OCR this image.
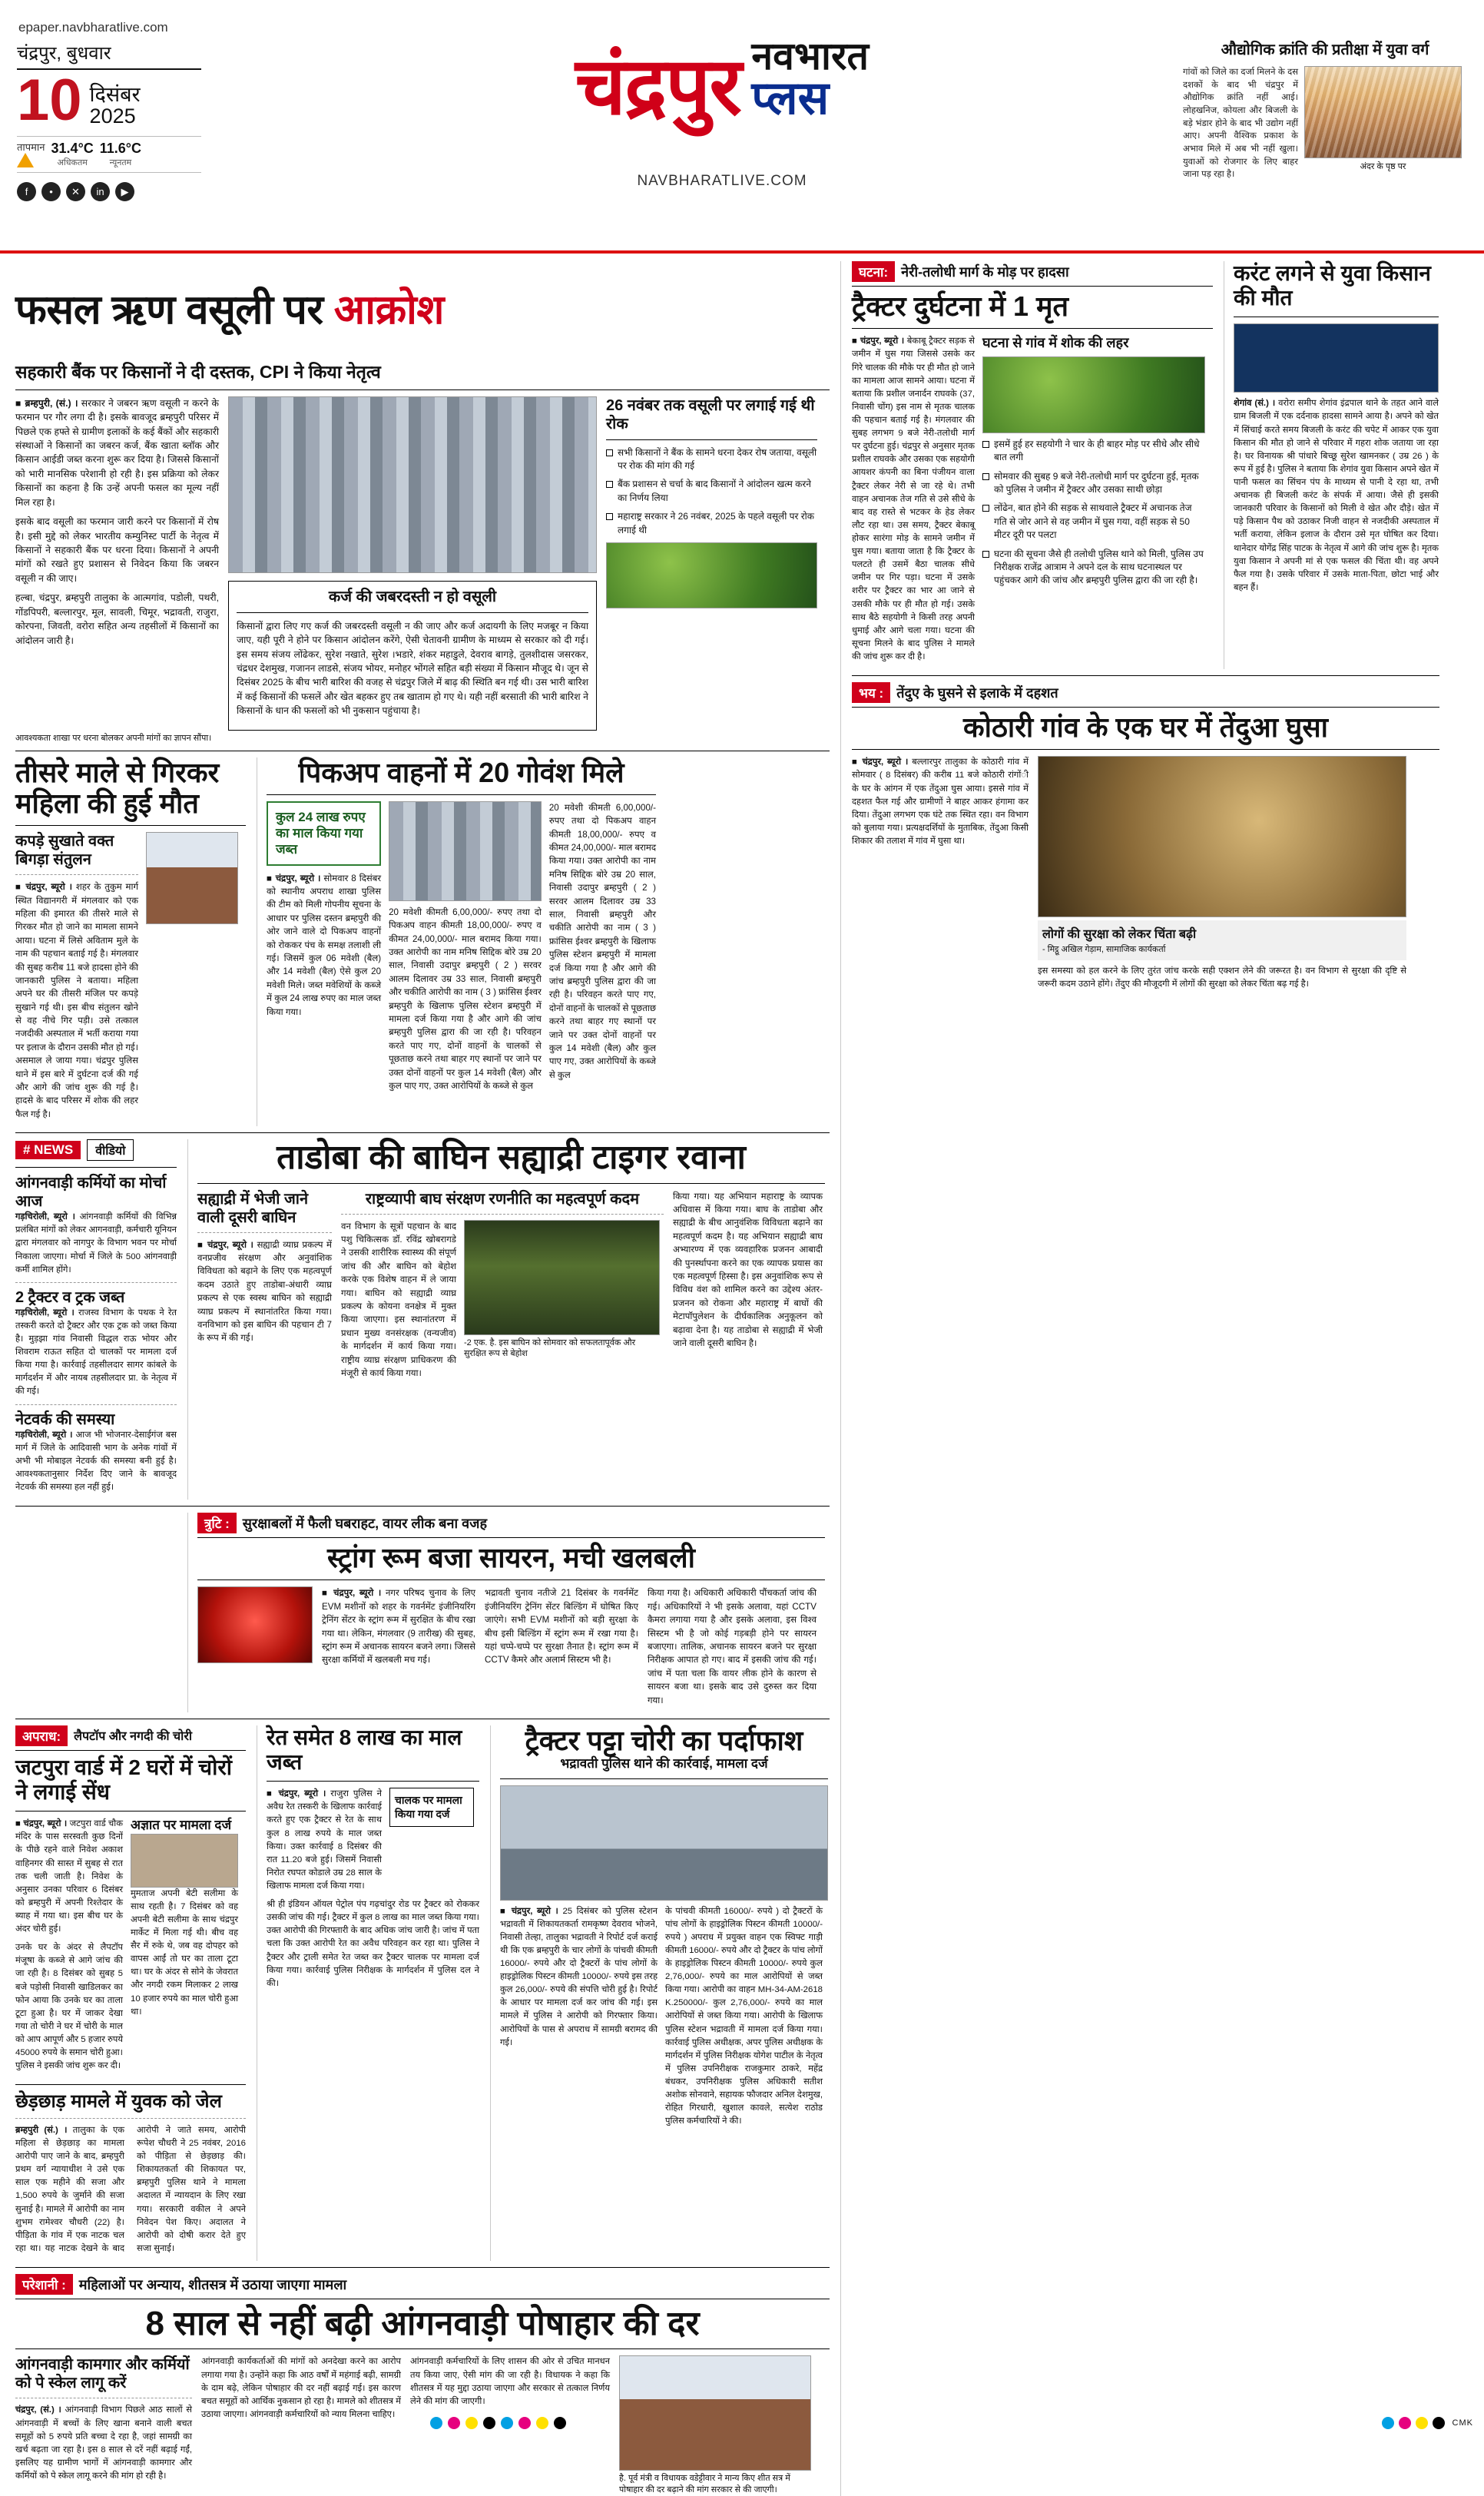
epaper.navbharatlive.com
चंद्रपुर, बुधवार
10 दिसंबर
2025
तापमान 31.4°C
अधिकतम
11.6°C
न्यूनतम
f	•	✕	in	▶
चंद्रपुर नवभारत
प्लस
NAVBHARATLIVE.COM
औद्योगिक क्रांति की प्रतीक्षा में युवा वर्ग
गांवों को जिले का दर्जा मिलने के दस दशकों के बाद भी चंद्रपुर में औद्योगिक क्रांति नहीं आई। लोहखनिज, कोयला और बिजली के बड़े भंडार होने के बाद भी उद्योग नहीं आए। अपनी वैश्विक प्रकाश के अभाव मिले में अब भी नहीं खुला। युवाओं को रोजगार के लिए बाहर जाना पड़ रहा है।
अंदर के पृष्ठ पर
फसल ऋण वसूली पर आक्रोश
सहकारी बैंक पर किसानों ने दी दस्तक, CPI ने किया नेतृत्व

■ ब्रम्हपुरी, (सं.) । सरकार ने जबरन ऋण वसूली न करने के फरमान पर गौर लगा दी है। इसके बावजूद ब्रम्हपुरी परिसर में पिछले एक हफ्ते से ग्रामीण इलाकों के कई बैंकों और सहकारी संस्थाओं ने किसानों का जबरन कर्ज, बैंक खाता ब्लॉक और किसान आईडी जब्त करना शुरू कर दिया है। जिससे किसानों को भारी मानसिक परेशानी हो रही है। इस प्रक्रिया को लेकर किसानों का कहना है कि उन्हें अपनी फसल का मूल्य नहीं मिल रहा है।

इसके बाद वसूली का फरमान जारी करने पर किसानों में रोष है। इसी मुद्दे को लेकर भारतीय कम्युनिस्ट पार्टी के नेतृत्व में किसानों ने सहकारी बैंक पर धरना दिया। किसानों ने अपनी मांगों को रखते हुए प्रशासन से निवेदन किया कि जबरन वसूली न की जाए।

हल्बा, चंद्रपुर, ब्रम्हपुरी तालुका के आत्मगांव, पडोली, पथरी, गोंडपिपरी, बल्लारपुर, मूल, सावली, चिमूर, भद्रावती, राजुरा, कोरपना, जिवती, वरोरा सहित अन्य तहसीलों में किसानों का आंदोलन जारी है।

कर्ज की जबरदस्ती न हो वसूली

किसानों द्वारा लिए गए कर्ज की जबरदस्ती वसूली न की जाए और कर्ज अदायगी के लिए मजबूर न किया जाए, यही पूरी ने होने पर किसान आंदोलन करेंगे, ऐसी चेतावनी ग्रामीण के माध्यम से सरकार को दी गई। इस समय संजय लोंढेकर, सुरेश नखाते, सुरेश ।भडारे, शंकर महाडुले, देवराव बागड़े, तुलशीदास जसरकर, चंद्रधर देशमुख, गजानन लाडसे, संजय भोयर, मनोहर भोंगले सहित बड़ी संख्या में किसान मौजूद थे। जून से दिसंबर 2025 के बीच भारी बारिश की वजह से चंद्रपुर जिले में बाढ़ की स्थिति बन गई थी। उस भारी बारिश में कई किसानों की फसलें और खेत बहकर हुए तब खाताम हो गए थे। यही नहीं बरसाती की भारी बारिश ने किसानों के धान की फसलों को भी नुकसान पहुंचाया है।

26 नवंबर तक वसूली पर लगाई गई थी रोक
सभी किसानों ने बैंक के सामने धरना देकर रोष जताया, वसूली पर रोक की मांग की गई
बैंक प्रशासन से चर्चा के बाद किसानों ने आंदोलन खत्म करने का निर्णय लिया
महाराष्ट्र सरकार ने 26 नवंबर, 2025 के पहले वसूली पर रोक लगाई थी
आवश्यकता शाखा पर धरना बोलकर अपनी मांगों का ज्ञापन सौंपा।
तीसरे माले से गिरकर महिला की हुई मौत
कपड़े सुखाते वक्त बिगड़ा संतुलन

■ चंद्रपुर, ब्यूरो । शहर के तुकुम मार्ग स्थित विद्यानगरी में मंगलवार को एक महिला की इमारत की तीसरे माले से गिरकर मौत हो जाने का मामला सामने आया। घटना में लिसे अविताम मुले के नाम की पहचान बताई गई है। मंगलवार की सुबह करीब 11 बजे हादसा होने की जानकारी पुलिस ने बताया। महिला अपने घर की तीसरी मंजिल पर कपड़े सुखाने गई थी। इस बीच संतुलन खोने से वह नीचे गिर पड़ी। उसे तत्काल नजदीकी अस्पताल में भर्ती कराया गया पर इलाज के दौरान उसकी मौत हो गई। असमाल ले जाया गया। चंद्रपुर पुलिस थाने में इस बारे में दुर्घटना दर्ज की गई और आगे की जांच शुरू की गई है। हादसे के बाद परिसर में शोक की लहर फैल गई है।

पिकअप वाहनों में 20 गोवंश मिले
कुल 24 लाख रुपए का माल किया गया जब्त

■ चंद्रपुर, ब्यूरो । सोमवार 8 दिसंबर को स्थानीय अपराध शाखा पुलिस की टीम को मिली गोपनीय सूचना के आधार पर पुलिस दस्तन ब्रम्हपुरी की ओर जाने वाले दो पिकअप वाहनों को रोककर पंच के समक्ष तलाशी ली गई। जिसमें कुल 06 मवेशी (बैल) और 14 मवेशी (बैल) ऐसे कुल 20 मवेशी मिले। जब्त मवेशियों के कब्जे में कुल 24 लाख रुपए का माल जब्त किया गया।

20 मवेशी कीमती 6,00,000/- रुपए तथा दो पिकअप वाहन कीमती 18,00,000/- रुपए व कीमत 24,00,000/- माल बरामद किया गया। उक्त आरोपी का नाम मनिष सिद्दिक बोरे उम्र 20 साल, निवासी उदापुर ब्रम्हपुरी ( 2 ) सरवर आलम दिलावर उम्र 33 साल, निवासी ब्रम्हपुरी और चकीति आरोपी का नाम ( 3 ) फ्रांसिस ईश्वर ब्रम्हपुरी के खिलाफ पुलिस स्टेशन ब्रम्हपुरी में मामला दर्ज किया गया है और आगे की जांच ब्रम्हपुरी पुलिस द्वारा की जा रही है। परिवहन करते पाए गए, दोनों वाहनों के चालकों से पूछताछ करने तथा बाहर गए स्थानों पर जाने पर उक्त दोनों वाहनों पर कुल 14 मवेशी (बैल) और कुल पाए गए, उक्त आरोपियों के कब्जे से कुल

20 मवेशी कीमती 6,00,000/- रुपए तथा दो पिकअप वाहन कीमती 18,00,000/- रुपए व कीमत 24,00,000/- माल बरामद किया गया। उक्त आरोपी का नाम मनिष सिद्दिक बोरे उम्र 20 साल, निवासी उदापुर ब्रम्हपुरी ( 2 ) सरवर आलम दिलावर उम्र 33 साल, निवासी ब्रम्हपुरी और चकीति आरोपी का नाम ( 3 ) फ्रांसिस ईश्वर ब्रम्हपुरी के खिलाफ पुलिस स्टेशन ब्रम्हपुरी में मामला दर्ज किया गया है और आगे की जांच ब्रम्हपुरी पुलिस द्वारा की जा रही है। परिवहन करते पाए गए, दोनों वाहनों के चालकों से पूछताछ करने तथा बाहर गए स्थानों पर जाने पर उक्त दोनों वाहनों पर कुल 14 मवेशी (बैल) और कुल पाए गए, उक्त आरोपियों के कब्जे से कुल

# NEWS	वीडियो
आंगनवाड़ी कर्मियों का मोर्चा आज

गड़चिरोली, ब्यूरो । आंगनवाड़ी कर्मियों की विभिन्न प्रलंबित मांगों को लेकर आगनवाड़ी, कर्मचारी यूनियन द्वारा मंगलवार को नागपुर के विभाग भवन पर मोर्चा निकाला जाएगा। मोर्चा में जिले के 500 आंगनवाड़ी कर्मी शामिल होंगे।

2 ट्रैक्टर व ट्रक जब्त

गड़चिरोली, ब्यूरो । राजस्व विभाग के पथक ने रेत तस्करी करते दो ट्रैक्टर और एक ट्रक को जब्त किया है। मुड़झा गांव निवासी विद्धल राऊ भोयर और शिवराम राऊत सहित दो चालकों पर मामला दर्ज किया गया है। कार्रवाई तहसीलदार सागर कांबले के मार्गदर्शन में और नायब तहसीलदार प्रा. के नेतृत्व में की गई।

नेटवर्क की समस्या

गड़चिरोली, ब्यूरो । आज भी भोजनार-देसाईगंज बस मार्ग में जिले के आदिवासी भाग के अनेक गांवों में अभी भी मोबाइल नेटवर्क की समस्या बनी हुई है। आवश्यकतानुसार निर्देश दिए जाने के बावजूद नेटवर्क की समस्या हल नहीं हुई।

ताडोबा की बाघिन सह्याद्री टाइगर रवाना
सह्याद्री में भेजी जाने वाली दूसरी बाघिन

■ चंद्रपुर, ब्यूरो । सह्याद्री व्याघ्र प्रकल्प में वनप्रजीव संरक्षण और अनुवांशिक विविधता को बढ़ाने के लिए एक महत्वपूर्ण कदम उठाते हुए ताडोबा-अंधारी व्याघ्र प्रकल्प से एक स्वस्थ बाघिन को सह्याद्री व्याघ्र प्रकल्प में स्थानांतरित किया गया। वनविभाग को इस बाघिन की पहचान टी 7 के रूप में की गई।

राष्ट्रव्यापी बाघ संरक्षण रणनीति का महत्वपूर्ण कदम

वन विभाग के सूत्रों पहचान के बाद पशु चिकित्सक डॉ. रविंद्र खोबरागडे ने उसकी शारीरिक स्वास्थ्य की संपूर्ण जांच की और बाघिन को बेहोश करके एक विशेष वाहन में ले जाया गया। बाघिन को सह्याद्री व्याघ्र प्रकल्प के कोयना वनक्षेत्र में मुक्त किया जाएगा। इस स्थानांतरण में प्रधान मुख्य वनसंरक्षक (वन्यजीव) के मार्गदर्शन में कार्य किया गया। राष्ट्रीय व्याघ्र संरक्षण प्राधिकरण की मंजूरी से कार्य किया गया।

-2 एक. है. इस बाघिन को सोमवार को सफलतापूर्वक और सुरक्षित रूप से बेहोश

किया गया। यह अभियान महाराष्ट्र के व्यापक अधिवास में किया गया। बाघ के ताडोबा और सह्याद्री के बीच आनुवंशिक विविधता बढ़ाने का महत्वपूर्ण कदम है। यह अभियान सह्याद्री बाघ अभ्यारण्य में एक व्यवहारिक प्रजनन आबादी की पुनर्स्थापना करने का एक व्यापक प्रयास का एक महत्वपूर्ण हिस्सा है। इस अनुवांशिक रूप से विविध वंश को शामिल करने का उद्देश्य अंतर-प्रजनन को रोकना और महाराष्ट्र में बाघों की मेटापॉपुलेशन के दीर्घकालिक अनुकूलन को बढ़ावा देना है। यह ताडोबा से सह्याद्री में भेजी जाने वाली दूसरी बाघिन है।

त्रुटि : सुरक्षाबलों में फैली घबराहट, वायर लीक बना वजह
स्ट्रांग रूम बजा सायरन, मची खलबली

■ चंद्रपुर, ब्यूरो । नगर परिषद चुनाव के लिए EVM मशीनों को शहर के गवर्नमेंट इंजीनियरिंग ट्रेनिंग सेंटर के स्ट्रांग रूम में सुरक्षित के बीच रखा गया था। लेकिन, मंगलवार (9 तारीख) की सुबह, स्ट्रांग रूम में अचानक सायरन बजने लगा। जिससे सुरक्षा कर्मियों में खलबली मच गई।

भद्रावती चुनाव नतीजे 21 दिसंबर के गवर्नमेंट इंजीनियरिंग ट्रेनिंग सेंटर बिल्डिंग में घोषित किए जाएंगे। सभी EVM मशीनों को बड़ी सुरक्षा के बीच इसी बिल्डिंग में स्ट्रांग रूम में रखा गया है। यहां चप्पे-चप्पे पर सुरक्षा तैनात है। स्ट्रांग रूम में CCTV कैमरे और अलार्म सिस्टम भी है।

किया गया है। अधिकारी अधिकारी पौंचकर्ता जांच की गई। अधिकारियों ने भी इसके अलावा, यहां CCTV कैमरा लगाया गया है और इसके अलावा, इस विश्व सिस्टम भी है जो कोई गड़बड़ी होने पर सायरन बजाएगा। तालिक, अचानक सायरन बजने पर सुरक्षा निरीक्षक आपात हो गए। बाद में इसकी जांच की गई। जांच में पता चला कि वायर लीक होने के कारण से सायरन बजा था। इसके बाद उसे दुरुस्त कर दिया गया।

अपराध:	लैपटॉप और नगदी की चोरी
जटपुरा वार्ड में 2 घरों में चोरों ने लगाई सेंध

■ चंद्रपुर, ब्यूरो । जटपुरा वार्ड चौक मंदिर के पास सरस्वती कुछ दिनों के पीछे रहने वाले निवेश अकाश वाहिनगर की सास्त में सुबह से रात तक चली जाती है। निवेश के अनुसार उनका परिवार 6 दिसंबर को ब्रम्हपुरी में अपनी रिश्तेदार के ब्याह में गया था। इस बीच घर के अंदर चोरी हुई।

उनके घर के अंदर से लैपटॉप मंजूषा के कब्जे से आगे जांच की जा रही है। 8 दिसंबर को सुबह 5 बजे पड़ोसी निवासी खाडिलकर का फोन आया कि उनके घर का ताला टूटा हुआ है। घर में जाकर देखा गया तो चोरी ने घर में चोरी के माल को आप आपूर्ण और 5 हजार रुपये 45000 रुपये के समान चोरी हुआ। पुलिस ने इसकी जांच शुरू कर दी।

अज्ञात पर मामला दर्ज

मुमताज अपनी बेटी सलीमा के साथ रहती है। 7 दिसंबर को वह अपनी बेटी सलीमा के साथ चंद्रपुर मार्केट में मिला गई थी। बीच वह सैर में रुके थे, जब वह दोपहर को वापस आईं तो घर का ताला टूटा था। घर के अंदर से सोने के जेवरात और नगदी रकम मिलाकर 2 लाख 10 हजार रुपये का माल चोरी हुआ था।

छेड़छाड़ मामले में युवक को जेल

ब्रम्हपुरी (सं.) । तालुका के एक महिला से छेड़छाड़ का मामला आरोपी पाए जाने के बाद, ब्रम्हपुरी प्रथम वर्ग न्यायाधीश ने उसे एक साल एक महीने की सजा और 1,500 रुपये के जुर्माने की सजा सुनाई है। मामले में आरोपी का नाम शुभम रामेश्वर चौधरी (22) है। पीड़िता के गांव में एक नाटक चल रहा था। यह नाटक देखने के बाद आरोपी ने जाते समय, आरोपी रूपेश चौधरी ने 25 नवंबर, 2016 को पीड़िता से छेड़छाड़ की। शिकायतकर्ता की शिकायत पर, ब्रम्हपुरी पुलिस थाने ने मामला अदालत में न्यायदान के लिए रखा गया। सरकारी वकील ने अपने निवेदन पेश किए। अदालत ने आरोपी को दोषी करार देते हुए सजा सुनाई।

रेत समेत 8 लाख का माल जब्त

■ चंद्रपुर, ब्यूरो । राजुरा पुलिस ने अवैध रेत तस्करी के खिलाफ कार्रवाई करते हुए एक ट्रैक्टर से रेत के साथ कुल 8 लाख रुपये के माल जब्त किया। उक्त कार्रवाई 8 दिसंबर की रात 11.20 बजे हुई। जिसमें निवासी निरोत रघपत कोडाले उम्र 28 साल के खिलाफ मामला दर्ज किया गया।

चालक पर मामला किया गया दर्ज

श्री ही इंडियन ऑयल पेट्रोल पंप गढ़चांदुर रोड पर ट्रैक्टर को रोककर उसकी जांच की गई। ट्रैक्टर में कुल 8 लाख का माल जब्त किया गया। उक्त आरोपी की गिरफ्तारी के बाद अधिक जांच जारी है। जांच में पता चला कि उक्त आरोपी रेत का अवैध परिवहन कर रहा था। पुलिस ने ट्रैक्टर और ट्राली समेत रेत जब्त कर ट्रैक्टर चालक पर मामला दर्ज किया गया। कार्रवाई पुलिस निरीक्षक के मार्गदर्शन में पुलिस दल ने की।

ट्रैक्टर पट्टा चोरी का पर्दाफाश
भद्रावती पुलिस थाने की कार्रवाई, मामला दर्ज

■ चंद्रपुर, ब्यूरो । 25 दिसंबर को पुलिस स्टेशन भद्रावती में शिकायतकर्ता रामकृष्ण देवराव भोजने, निवासी तेल्हा, तालुका भद्रावती ने रिपोर्ट दर्ज कराई थी कि एक ब्रम्हपुरी के चार लोगों के पांचवी कीमती 16000/- रुपये और दो ट्रैक्टरों के पांच लोगों के हाइड्रोलिक पिस्टन कीमती 10000/- रुपये इस तरह कुल 26,000/- रुपये की संपत्ति चोरी हुई है। रिपोर्ट के आधार पर मामला दर्ज कर जांच की गई। इस मामले में पुलिस ने आरोपी को गिरफ्तार किया। आरोपियों के पास से अपराध में सामग्री बरामद की गई।

के पांचवी कीमती 16000/- रुपये ) दो ट्रैक्टरों के पांच लोगों के हाइड्रोलिक पिस्टन कीमती 10000/- रुपये ) अपराध में प्रयुक्त वाहन एक स्विफ्ट गाड़ी कीमती 16000/- रुपये और दो ट्रैक्टर के पांच लोगों के हाइड्रोलिक पिस्टन कीमती 10000/- रुपये कुल 2,76,000/- रुपये का माल आरोपियों से जब्त किया गया। आरोपी का वाहन MH-34-AM-2618 K.250000/- कुल 2,76,000/- रुपये का माल आरोपियों से जब्त किया गया। आरोपी के खिलाफ पुलिस स्टेशन भद्रावती में मामला दर्ज किया गया। कार्रवाई पुलिस अधीक्षक, अपर पुलिस अधीक्षक के मार्गदर्शन में पुलिस निरीक्षक योगेश पाटील के नेतृत्व में पुलिस उपनिरीक्षक राजकुमार ठाकरे, महेंद्र बंधकर, उपनिरीक्षक पुलिस अधिकारी सतीश अशोक सोनवाने, सहायक फौजदार अनिल देशमुख, रोहित गिरधारी, खुशाल कावले, सत्येश राठोड पुलिस कर्मचारियों ने की।

परेशानी : महिलाओं पर अन्याय, शीतसत्र में उठाया जाएगा मामला
8 साल से नहीं बढ़ी आंगनवाड़ी पोषाहार की दर
आंगनवाड़ी कामगार और कर्मियों को पे स्केल लागू करें

चंद्रपुर, (सं.) । आंगनवाड़ी विभाग पिछले आठ सालों से आंगनवाड़ी में बच्चों के लिए खाना बनाने वाली बचत समूहों को 5 रुपये प्रति बच्चा दे रहा है, जहां सामग्री का खर्च बढ़ता जा रहा है। इस 8 साल से दरें नहीं बढ़ाई गईं, इसलिए यह ग्रामीण भागों में आंगनवाड़ी कामगार और कर्मियों को पे स्केल लागू करने की मांग हो रही है।

आंगनवाड़ी कार्यकर्ताओं की मांगों को अनदेखा करने का आरोप लगाया गया है। उन्होंने कहा कि आठ वर्षों में महंगाई बढ़ी, सामग्री के दाम बढ़े, लेकिन पोषाहार की दर नहीं बढ़ाई गई। इस कारण बचत समूहों को आर्थिक नुकसान हो रहा है। मामले को शीतसत्र में उठाया जाएगा। आंगनवाड़ी कर्मचारियों को न्याय मिलना चाहिए।

आंगनवाड़ी कर्मचारियों के लिए शासन की ओर से उचित मानधन तय किया जाए, ऐसी मांग की जा रही है। विधायक ने कहा कि शीतसत्र में यह मुद्दा उठाया जाएगा और सरकार से तत्काल निर्णय लेने की मांग की जाएगी।

है. पूर्व मंत्री व विधायक वडेट्टीवार ने मान्य किए शीत सत्र में पोषाहार की दर बढ़ाने की मांग सरकार से की जाएगी।
घटना: नेरी-तलोधी मार्ग के मोड़ पर हादसा
ट्रैक्टर दुर्घटना में 1 मृत

■ चंद्रपुर, ब्यूरो । बेकाबू ट्रैक्टर सड़क से जमीन में घुस गया जिससे उसके कर गिरे चालक की मौके पर ही मौत हो जाने का मामला आज सामने आया। घटना में बताया कि प्रशील जनार्दन राघवके (37, निवासी चोंग) इस नाम से मृतक चालक की पहचान बताई गई है। मंगलवार की सुबह लगभग 9 बजे नेरी-तलोधी मार्ग पर दुर्घटना हुई। चंद्रपुर से अनुसार मृतक प्रशील राघवके और उसका एक सहयोगी आयशर कंपनी का बिना पंजीयन वाला ट्रैक्टर लेकर नेरी से जा रहे थे। तभी वाहन अचानक तेज गति से उसे सीधे के बाद वह रास्ते से भटकर के हेड लेकर लौट रहा था। उस समय, ट्रैक्टर बेकाबू होकर सारंगा मोड़ के सामने जमीन में घुस गया। बताया जाता है कि ट्रैक्टर के पलटते ही उसमें बैठा चालक सीधे जमीन पर गिर पड़ा। घटना में उसके शरीर पर ट्रैक्टर का भार आ जाने से उसकी मौके पर ही मौत हो गई। उसके साथ बैठे सहयोगी ने किसी तरह अपनी धुमाई और आगे चला गया। घटना की सूचना मिलने के बाद पुलिस ने मामले की जांच शुरू कर दी है।

घटना से गांव में शोक की लहर
इसमें हुई हर सहयोगी ने चार के ही बाहर मोड़ पर सीधे और सीधे बात लगी
सोमवार की सुबह 9 बजे नेरी-तलोधी मार्ग पर दुर्घटना हुई, मृतक को पुलिस ने जमीन में ट्रैक्टर और उसका साथी छोड़ा
लोंढेन, बात होने की सड़क से साथवाले ट्रैक्टर में अचानक तेज गति से जोर आने से वह जमीन में घुस गया, वहीं सड़क से 50 मीटर दूरी पर पलटा
घटना की सूचना जैसे ही तलोधी पुलिस थाने को मिली, पुलिस उप निरीक्षक राजेंद्र आत्राम ने अपने दल के साथ घटनास्थल पर पहुंचकर आगे की जांच और ब्रम्हपुरी पुलिस द्वारा की जा रही है।
करंट लगने से युवा किसान की मौत

शेगांव (सं.) । वरोरा समीप शेगांव इंद्रपाल थाने के तहत आने वाले ग्राम बिजली में एक दर्दनाक हादसा सामने आया है। अपने को खेत में सिंचाई करते समय बिजली के करंट की चपेट में आकर एक युवा किसान की मौत हो जाने से परिवार में गहरा शोक जताया जा रहा है। घर विनायक श्री पांधारे बिच्छू सुरेश खामनकर ( उम्र 26 ) के रूप में हुई है। पुलिस ने बताया कि शेगांव युवा किसान अपने खेत में पानी फसल का सिंचन पंप के माध्यम से पानी दे रहा था, तभी अचानक ही बिजली करंट के संपर्क में आया। जैसे ही इसकी जानकारी परिवार के किसानों को मिली वे खेत और दौड़े। खेत में पड़े किसान पैथ को उठाकर निजी वाहन से नजदीकी अस्पताल में भर्ती कराया, लेकिन इलाज के दौरान उसे मृत घोषित कर दिया। थानेदार योगेंद्र सिंह पाटक के नेतृत्व में आगे की जांच शुरू है। मृतक युवा किसान ने अपनी मां से एक फसल की चिंता थी। वह अपने फैल गया है। उसके परिवार में उसके माता-पिता, छोटा भाई और बहन हैं।

भय : तेंदुए के घुसने से इलाके में दहशत
कोठारी गांव के एक घर में तेंदुआ घुसा

■ चंद्रपुर, ब्यूरो । बल्लारपुर तालुका के कोठारी गांव में सोमवार ( 8 दिसंबर) की करीब 11 बजे कोठारी रांगोंी के घर के आंगन में एक तेंदुआ घुस आया। इससे गांव में दहशत फैल गई और ग्रामीणों ने बाहर आकर हंगामा कर दिया। तेंदुआ लगभग एक घंटे तक स्थित रहा। वन विभाग को बुलाया गया। प्रत्यक्षदर्शियों के मुताबिक, तेंदुआ किसी शिकार की तलाश में गांव में घुसा था।

लोगों की सुरक्षा को लेकर चिंता बढ़ी
- मिट्ठू अखिल गेड़ाम, सामाजिक कार्यकर्ता

इस समस्या को हल करने के लिए तुरंत जांच करके सही एक्शन लेने की जरूरत है। वन विभाग से सुरक्षा की दृष्टि से जरूरी कदम उठाने होंगे। तेंदुए की मौजूदगी में लोगों की सुरक्षा को लेकर चिंता बढ़ गई है।

CMK
